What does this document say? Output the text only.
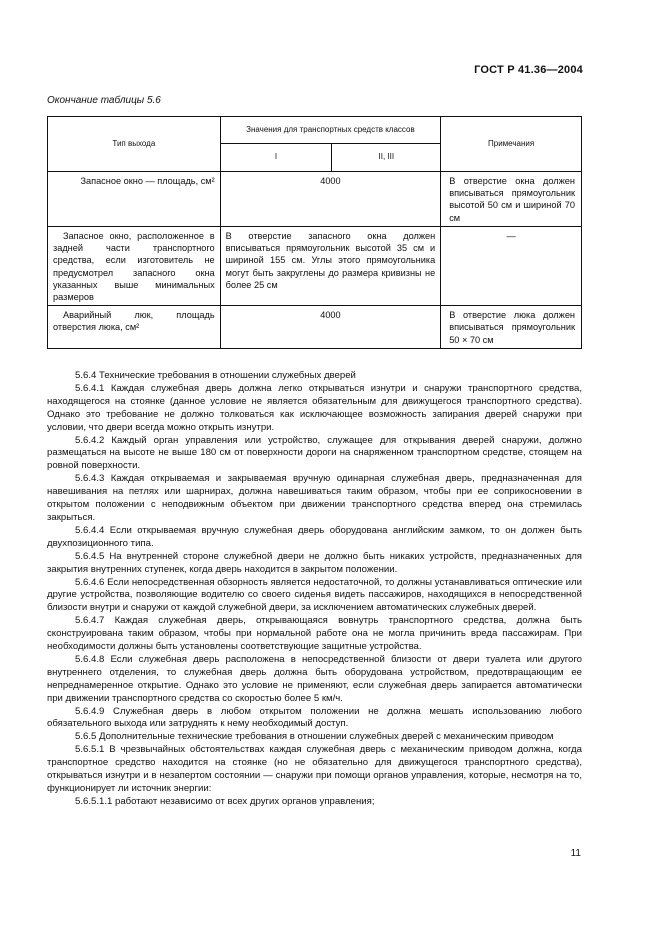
ГОСТ Р 41.36—2004
Окончание таблицы 5.6
Тип выхода	Значения для транспортных средств классов		Примечания
	I	II, III	

Запасное окно — площадь, см²	4000		В отверстие окна должен вписываться прямоугольник высотой 50 см и шириной 70 см

Запасное окно, расположенное в задней части транспортного средства, если изготовитель не предусмотрел запасного окна указанных выше минимальных размеров	В отверстие запасного окна должен вписываться прямоугольник высотой 35 см и шириной 155 см. Углы этого прямоугольника могут быть закруглены до размера кривизны не более 25 см		—

Аварийный люк, площадь отверстия люка, см²	4000		В отверстие люка должен вписываться прямоугольник 50 × 70 см

5.6.4 Технические требования в отношении служебных дверей

5.6.4.1 Каждая служебная дверь должна легко открываться изнутри и снаружи транспортного средства, находящегося на стоянке (данное условие не является обязательным для движущегося транспортного средства). Однако это требование не должно толковаться как исключающее возможность запирания дверей снаружи при условии, что двери всегда можно открыть изнутри.

5.6.4.2 Каждый орган управления или устройство, служащее для открывания дверей снаружи, должно размещаться на высоте не выше 180 см от поверхности дороги на снаряженном транспортном средстве, стоящем на ровной поверхности.

5.6.4.3 Каждая открываемая и закрываемая вручную одинарная служебная дверь, предназначенная для навешивания на петлях или шарнирах, должна навешиваться таким образом, чтобы при ее соприкосновении в открытом положении с неподвижным объектом при движении транспортного средства вперед она стремилась закрыться.

5.6.4.4 Если открываемая вручную служебная дверь оборудована английским замком, то он должен быть двухпозиционного типа.

5.6.4.5 На внутренней стороне служебной двери не должно быть никаких устройств, предназначенных для закрытия внутренних ступенек, когда дверь находится в закрытом положении.

5.6.4.6 Если непосредственная обзорность является недостаточной, то должны устанавливаться оптические или другие устройства, позволяющие водителю со своего сиденья видеть пассажиров, находящихся в непосредственной близости внутри и снаружи от каждой служебной двери, за исключением автоматических служебных дверей.

5.6.4.7 Каждая служебная дверь, открывающаяся вовнутрь транспортного средства, должна быть сконструирована таким образом, чтобы при нормальной работе она не могла причинить вреда пассажирам. При необходимости должны быть установлены соответствующие защитные устройства.

5.6.4.8 Если служебная дверь расположена в непосредственной близости от двери туалета или другого внутреннего отделения, то служебная дверь должна быть оборудована устройством, предотвращающим ее непреднамеренное открытие. Однако это условие не применяют, если служебная дверь запирается автоматически при движении транспортного средства со скоростью более 5 км/ч.

5.6.4.9 Служебная дверь в любом открытом положении не должна мешать использованию любого обязательного выхода или затруднять к нему необходимый доступ.

5.6.5 Дополнительные технические требования в отношении служебных дверей с механическим приводом

5.6.5.1 В чрезвычайных обстоятельствах каждая служебная дверь с механическим приводом должна, когда транспортное средство находится на стоянке (но не обязательно для движущегося транспортного средства), открываться изнутри и в незапертом состоянии — снаружи при помощи органов управления, которые, несмотря на то, функционирует ли источник энергии:

5.6.5.1.1 работают независимо от всех других органов управления;

11
